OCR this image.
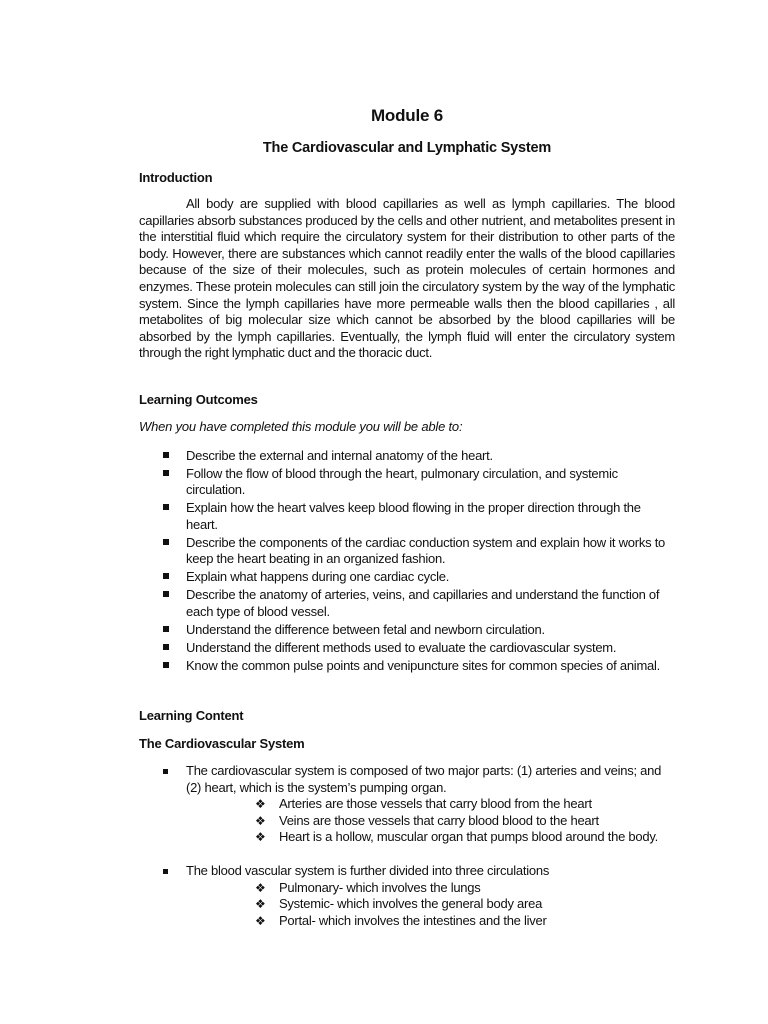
Module 6
The Cardiovascular and Lymphatic System
Introduction

All body are supplied with blood capillaries as well as lymph capillaries. The blood capillaries absorb substances produced by the cells and other nutrient, and metabolites present in the interstitial fluid which require the circulatory system for their distribution to other parts of the body. However, there are substances which cannot readily enter the walls of the blood capillaries because of the size of their molecules, such as protein molecules of certain hormones and enzymes. These protein molecules can still join the circulatory system by the way of the lymphatic system. Since the lymph capillaries have more permeable walls then the blood capillaries , all metabolites of big molecular size which cannot be absorbed by the blood capillaries will be absorbed by the lymph capillaries. Eventually, the lymph fluid will enter the circulatory system through the right lymphatic duct and the thoracic duct.

Learning Outcomes
When you have completed this module you will be able to:
Describe the external and internal anatomy of the heart.
Follow the flow of blood through the heart, pulmonary circulation, and systemic circulation.
Explain how the heart valves keep blood flowing in the proper direction through the heart.
Describe the components of the cardiac conduction system and explain how it works to keep the heart beating in an organized fashion.
Explain what happens during one cardiac cycle.
Describe the anatomy of arteries, veins, and capillaries and understand the function of each type of blood vessel.
Understand the difference between fetal and newborn circulation.
Understand the different methods used to evaluate the cardiovascular system.
Know the common pulse points and venipuncture sites for common species of animal.
Learning Content
The Cardiovascular System
The cardiovascular system is composed of two major parts: (1) arteries and veins; and (2) heart, which is the system’s pumping organ.
❖ Arteries are those vessels that carry blood from the heart
❖ Veins are those vessels that carry blood blood to the heart
❖ Heart is a hollow, muscular organ that pumps blood around the body.
The blood vascular system is further divided into three circulations
❖ Pulmonary- which involves the lungs
❖ Systemic- which involves the general body area
❖ Portal- which involves the intestines and the liver
